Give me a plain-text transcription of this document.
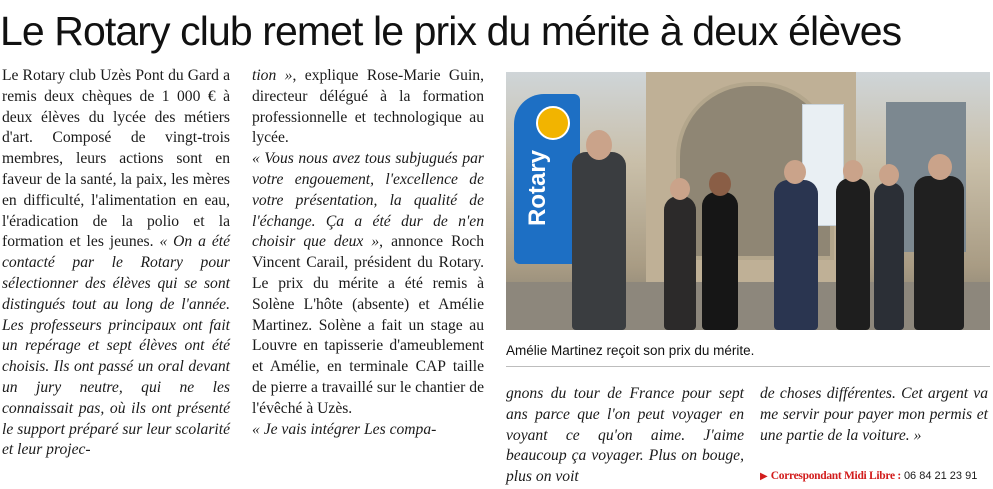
Le Rotary club remet le prix du mérite à deux élèves

Le Rotary club Uzès Pont du Gard a remis deux chèques de 1 000 € à deux élèves du lycée des métiers d'art. Composé de vingt-trois membres, leurs actions sont en faveur de la santé, la paix, les mères en difficulté, l'alimentation en eau, l'éradication de la polio et la formation et les jeunes. « On a été contacté par le Rotary pour sélectionner des élèves qui se sont distingués tout au long de l'année. Les professeurs principaux ont fait un repérage et sept élèves ont été choisis. Ils ont passé un oral devant un jury neutre, qui ne les connaissait pas, où ils ont présenté le support préparé sur leur scolarité et leur projec-

tion », explique Rose-Marie Guin, directeur délégué à la formation professionnelle et technologique au lycée.

« Vous nous avez tous subjugués par votre engouement, l'excellence de votre présentation, la qualité de l'échange. Ça a été dur de n'en choisir que deux », annonce Roch Vincent Carail, président du Rotary. Le prix du mérite a été remis à Solène L'hôte (absente) et Amélie Martinez. Solène a fait un stage au Louvre en tapisserie d'ameublement et Amélie, en terminale CAP taille de pierre a travaillé sur le chantier de l'évêché à Uzès.

« Je vais intégrer Les compa-

Rotary
Amélie Martinez reçoit son prix du mérite.

gnons du tour de France pour sept ans parce que l'on peut voyager en voyant ce qu'on aime. J'aime beaucoup ça voyager. Plus on bouge, plus on voit

de choses différentes. Cet argent va me servir pour payer mon permis et une partie de la voiture. »

▶ Correspondant Midi Libre : 06 84 21 23 91
